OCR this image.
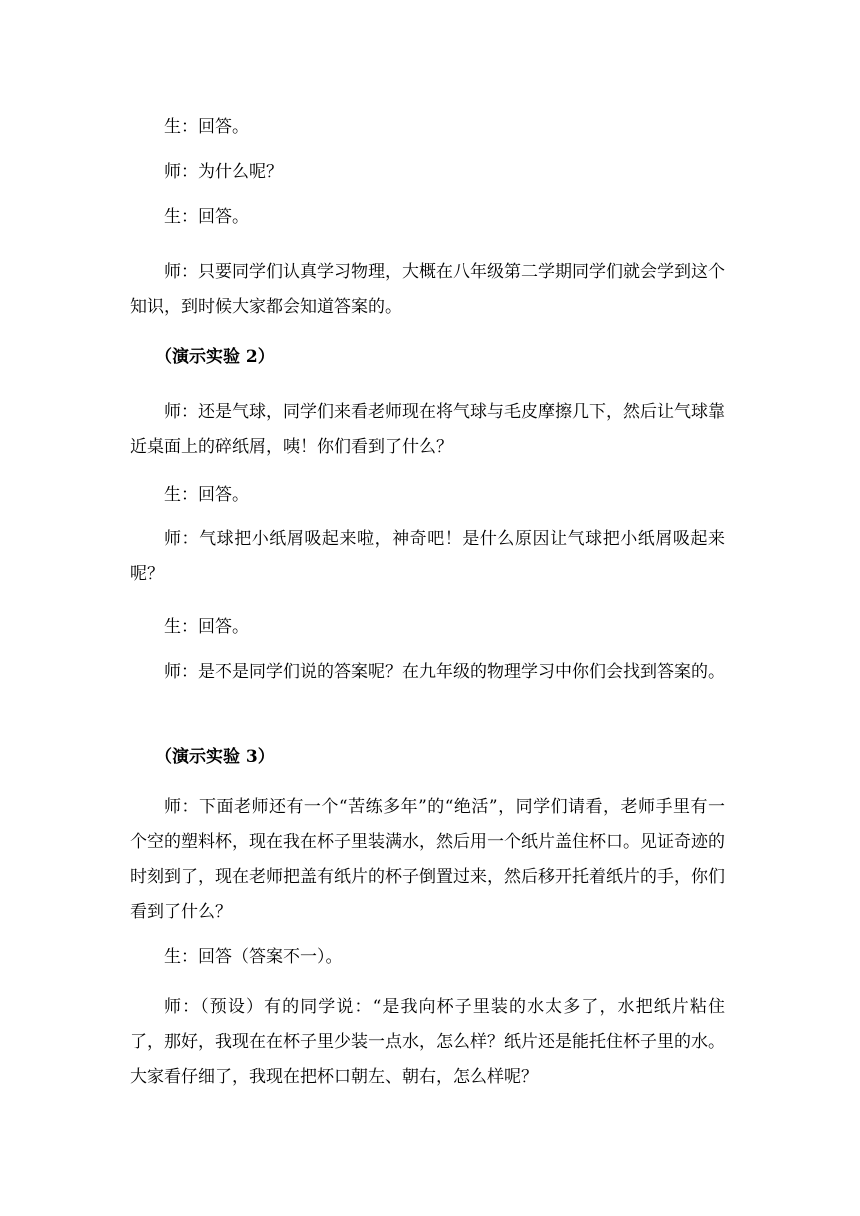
生：回答。

师：为什么呢？

生：回答。

师：只要同学们认真学习物理，大概在八年级第二学期同学们就会学到这个知识，到时候大家都会知道答案的。

（演示实验 2）

师：还是气球，同学们来看老师现在将气球与毛皮摩擦几下，然后让气球靠近桌面上的碎纸屑，咦！你们看到了什么？

生：回答。

师：气球把小纸屑吸起来啦，神奇吧！是什么原因让气球把小纸屑吸起来呢？

生：回答。

师：是不是同学们说的答案呢？在九年级的物理学习中你们会找到答案的。

（演示实验 3）

师：下面老师还有一个“苦练多年”的“绝活”，同学们请看，老师手里有一个空的塑料杯，现在我在杯子里装满水，然后用一个纸片盖住杯口。见证奇迹的时刻到了，现在老师把盖有纸片的杯子倒置过来，然后移开托着纸片的手，你们看到了什么？

生：回答（答案不一）。

师：（预设）有的同学说：“是我向杯子里装的水太多了，水把纸片粘住了，那好，我现在在杯子里少装一点水，怎么样？纸片还是能托住杯子里的水。大家看仔细了，我现在把杯口朝左、朝右，怎么样呢？
